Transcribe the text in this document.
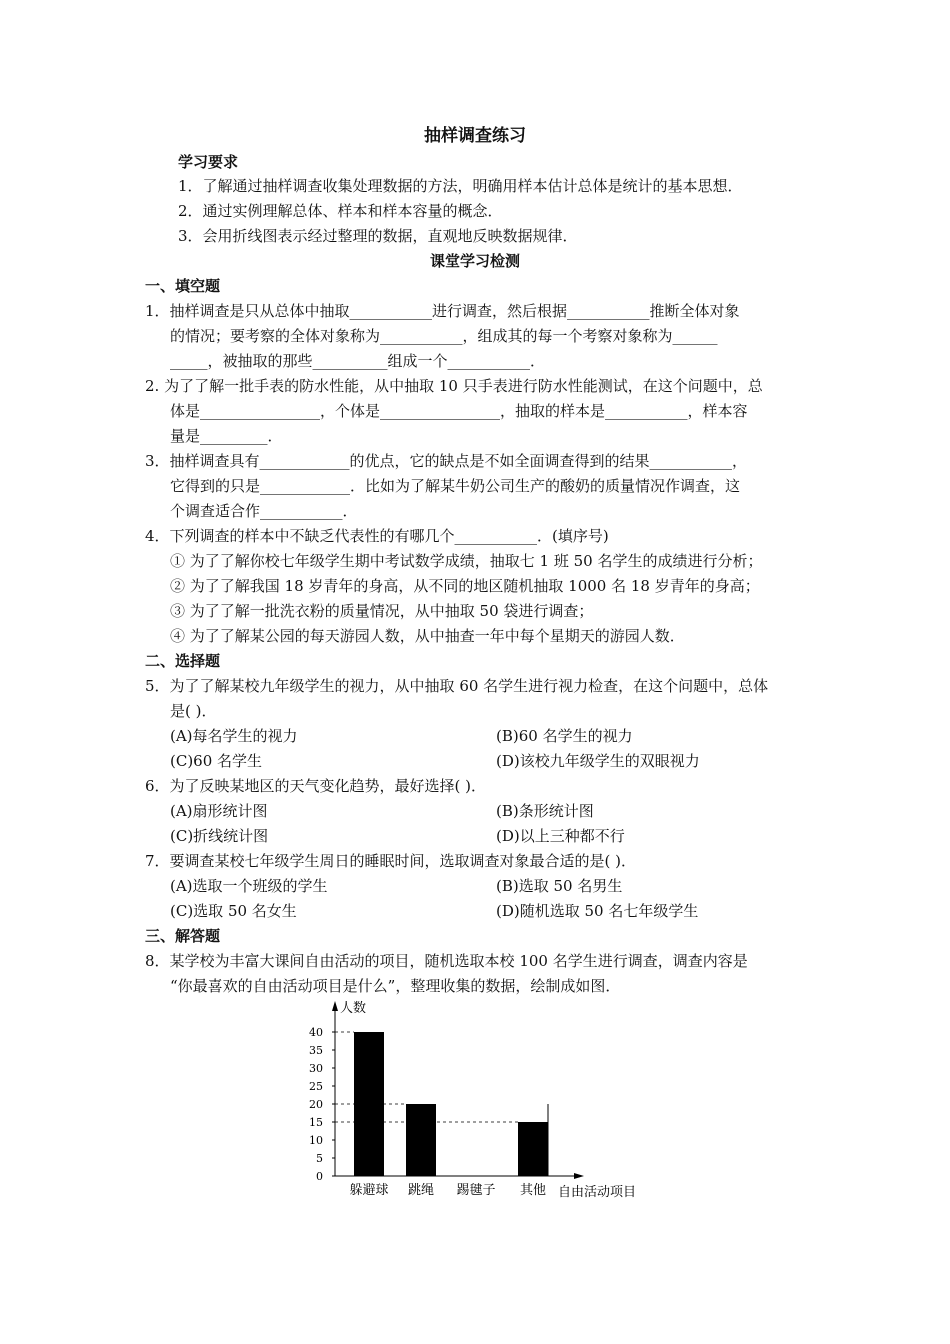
抽样调查练习
学习要求
1．了解通过抽样调查收集处理数据的方法，明确用样本估计总体是统计的基本思想．
2．通过实例理解总体、样本和样本容量的概念．
3．会用折线图表示经过整理的数据，直观地反映数据规律．
课堂学习检测
一、填空题
1．抽样调查是只从总体中抽取___________进行调查，然后根据___________推断全体对象
的情况；要考察的全体对象称为___________，组成其的每一个考察对象称为______
_____，被抽取的那些__________组成一个___________．
2. 为了了解一批手表的防水性能，从中抽取 10 只手表进行防水性能测试，在这个问题中，总
体是________________，个体是________________，抽取的样本是___________，样本容
量是_________．
3．抽样调查具有____________的优点，它的缺点是不如全面调查得到的结果___________，
它得到的只是____________．比如为了解某牛奶公司生产的酸奶的质量情况作调查，这
个调查适合作___________．
4．下列调查的样本中不缺乏代表性的有哪几个___________．(填序号)
① 为了了解你校七年级学生期中考试数学成绩，抽取七 1 班 50 名学生的成绩进行分析；
② 为了了解我国 18 岁青年的身高，从不同的地区随机抽取 1000 名 18 岁青年的身高；
③ 为了了解一批洗衣粉的质量情况，从中抽取 50 袋进行调查；
④ 为了了解某公园的每天游园人数，从中抽查一年中每个星期天的游园人数．
二、选择题
5．为了了解某校九年级学生的视力，从中抽取 60 名学生进行视力检查，在这个问题中，总体
是( )．
(A)每名学生的视力	(B)60 名学生的视力
(C)60 名学生	(D)该校九年级学生的双眼视力
6．为了反映某地区的天气变化趋势，最好选择( )．
(A)扇形统计图	(B)条形统计图
(C)折线统计图	(D)以上三种都不行
7．要调查某校七年级学生周日的睡眠时间，选取调查对象最合适的是( )．
(A)选取一个班级的学生	(B)选取 50 名男生
(C)选取 50 名女生	(D)随机选取 50 名七年级学生
三、解答题
8．某学校为丰富大课间自由活动的项目，随机选取本校 100 名学生进行调查，调查内容是
“你最喜欢的自由活动项目是什么”，整理收集的数据，绘制成如图．
躲避球 跳绳 踢毽子 其他
0
5
10
15
20
25
30
35
40
人数
自由活动项目
